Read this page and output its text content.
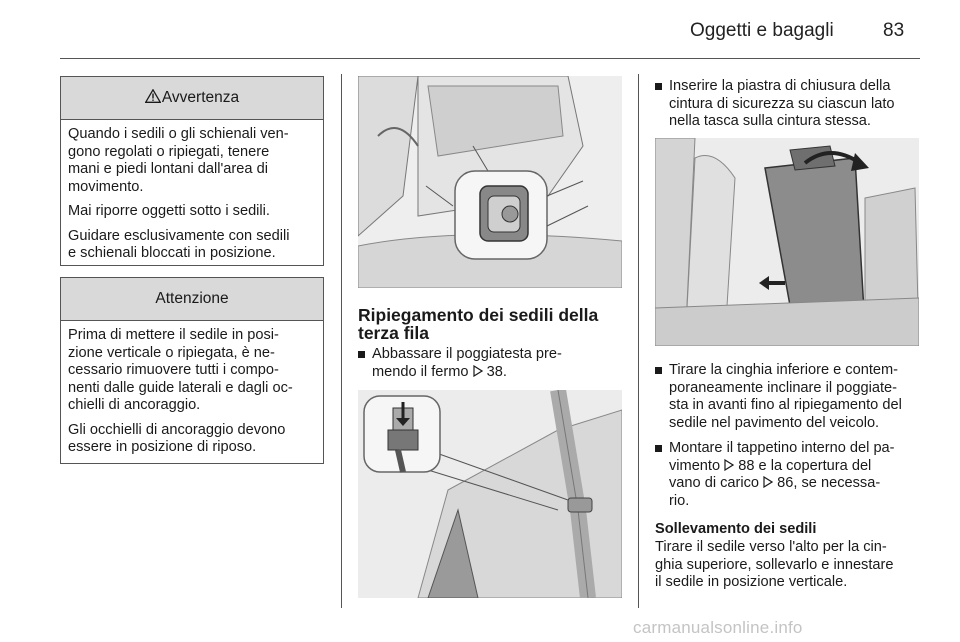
Oggetti e bagagli	83
Avvertenza

Quando i sedili o gli schienali ven-
gono regolati o ripiegati, tenere
mani e piedi lontani dall'area di
movimento.

Mai riporre oggetti sotto i sedili.

Guidare esclusivamente con sedili
e schienali bloccati in posizione.

Attenzione

Prima di mettere il sedile in posi-
zione verticale o ripiegata, è ne-
cessario rimuovere tutti i compo-
nenti dalle guide laterali e dagli oc-
chielli di ancoraggio.

Gli occhielli di ancoraggio devono
essere in posizione di riposo.

Ripiegamento dei sedili della
terza fila
Abbassare il poggiatesta pre-
mendo il fermo 38.
Inserire la piastra di chiusura della
cintura di sicurezza su ciascun lato
nella tasca sulla cintura stessa.
Tirare la cinghia inferiore e contem-
poraneamente inclinare il poggiate-
sta in avanti fino al ripiegamento del
sedile nel pavimento del veicolo.
Montare il tappetino interno del pa-
vimento 88 e la copertura del
vano di carico 86, se necessa-
rio.
Sollevamento dei sedili
Tirare il sedile verso l'alto per la cin-
ghia superiore, sollevarlo e innestare
il sedile in posizione verticale.
carmanualsonline.info
